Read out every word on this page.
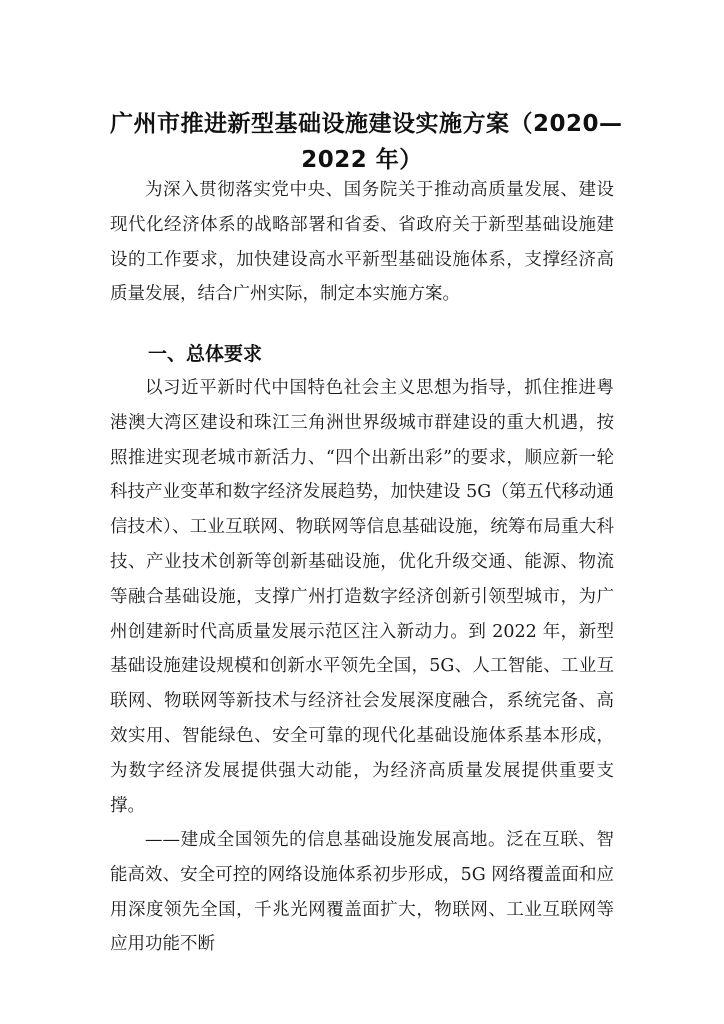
广州市推进新型基础设施建设实施方案（2020—
2022 年）
为深入贯彻落实党中央、国务院关于推动高质量发展、建设现代化经济体系的战略部署和省委、省政府关于新型基础设施建设的工作要求，加快建设高水平新型基础设施体系，支撑经济高质量发展，结合广州实际，制定本实施方案。
一、总体要求
以习近平新时代中国特色社会主义思想为指导，抓住推进粤港澳大湾区建设和珠江三角洲世界级城市群建设的重大机遇，按照推进实现老城市新活力、“四个出新出彩”的要求，顺应新一轮科技产业变革和数字经济发展趋势，加快建设 5G（第五代移动通信技术）、工业互联网、物联网等信息基础设施，统筹布局重大科技、产业技术创新等创新基础设施，优化升级交通、能源、物流等融合基础设施，支撑广州打造数字经济创新引领型城市，为广州创建新时代高质量发展示范区注入新动力。到 2022 年，新型基础设施建设规模和创新水平领先全国，5G、人工智能、工业互联网、物联网等新技术与经济社会发展深度融合，系统完备、高效实用、智能绿色、安全可靠的现代化基础设施体系基本形成，为数字经济发展提供强大动能，为经济高质量发展提供重要支撑。
——建成全国领先的信息基础设施发展高地。泛在互联、智能高效、安全可控的网络设施体系初步形成，5G 网络覆盖面和应用深度领先全国，千兆光网覆盖面扩大，物联网、工业互联网等应用功能不断
